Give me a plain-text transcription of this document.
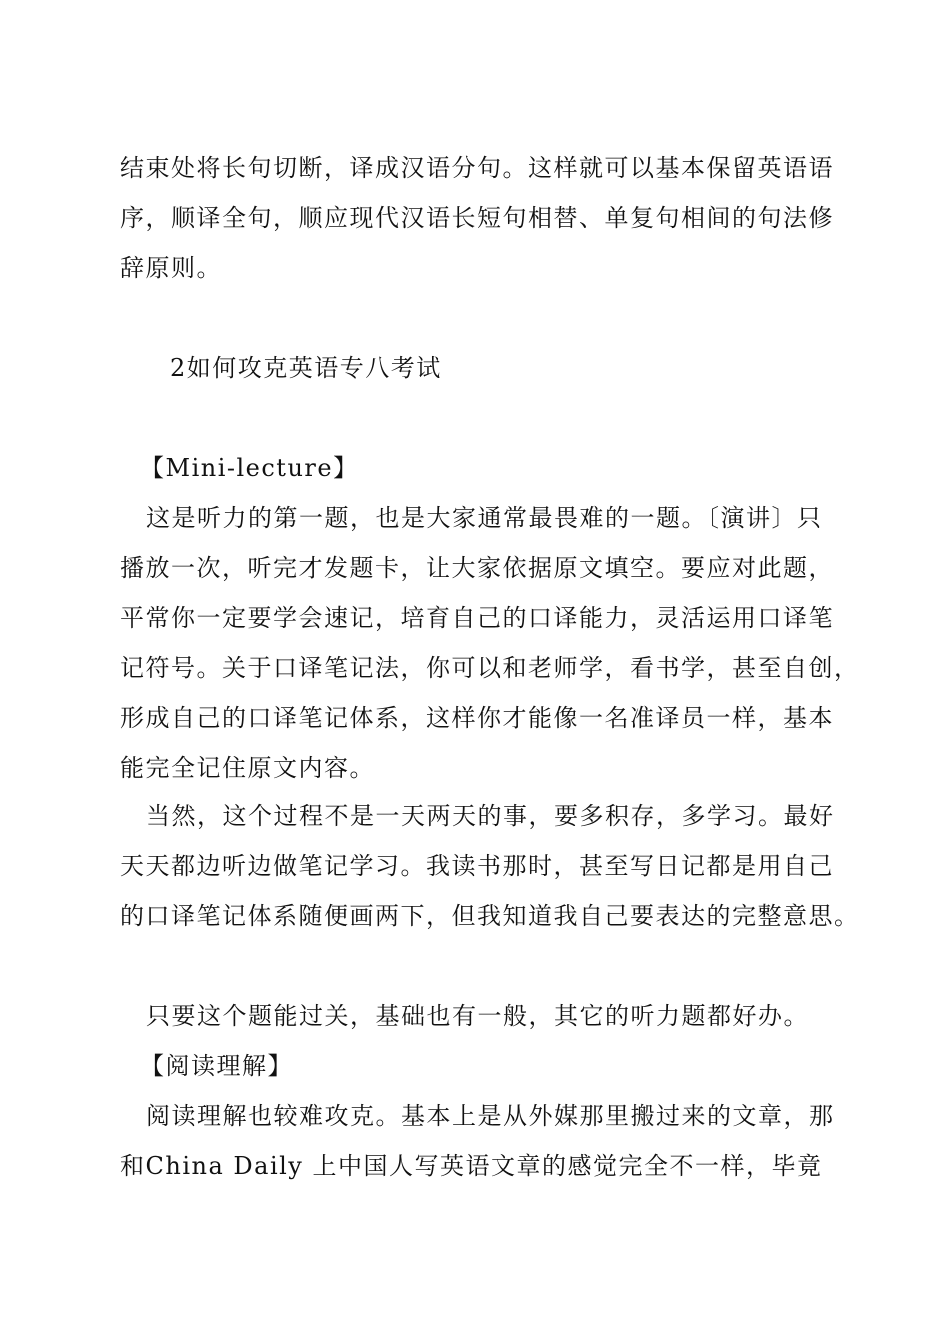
结束处将长句切断，译成汉语分句。这样就可以基本保留英语语
序，顺译全句，顺应现代汉语长短句相替、单复句相间的句法修
辞原则。
2如何攻克英语专八考试
【Mini-lecture】
这是听力的第一题，也是大家通常最畏难的一题。〔演讲〕只
播放一次，听完才发题卡，让大家依据原文填空。要应对此题，
平常你一定要学会速记，培育自己的口译能力，灵活运用口译笔
记符号。关于口译笔记法，你可以和老师学，看书学，甚至自创，
形成自己的口译笔记体系，这样你才能像一名准译员一样，基本
能完全记住原文内容。
当然，这个过程不是一天两天的事，要多积存，多学习。最好
天天都边听边做笔记学习。我读书那时，甚至写日记都是用自己
的口译笔记体系随便画两下，但我知道我自己要表达的完整意思。
只要这个题能过关，基础也有一般，其它的听力题都好办。
【阅读理解】
阅读理解也较难攻克。基本上是从外媒那里搬过来的文章，那
和China Daily 上中国人写英语文章的感觉完全不一样，毕竟
